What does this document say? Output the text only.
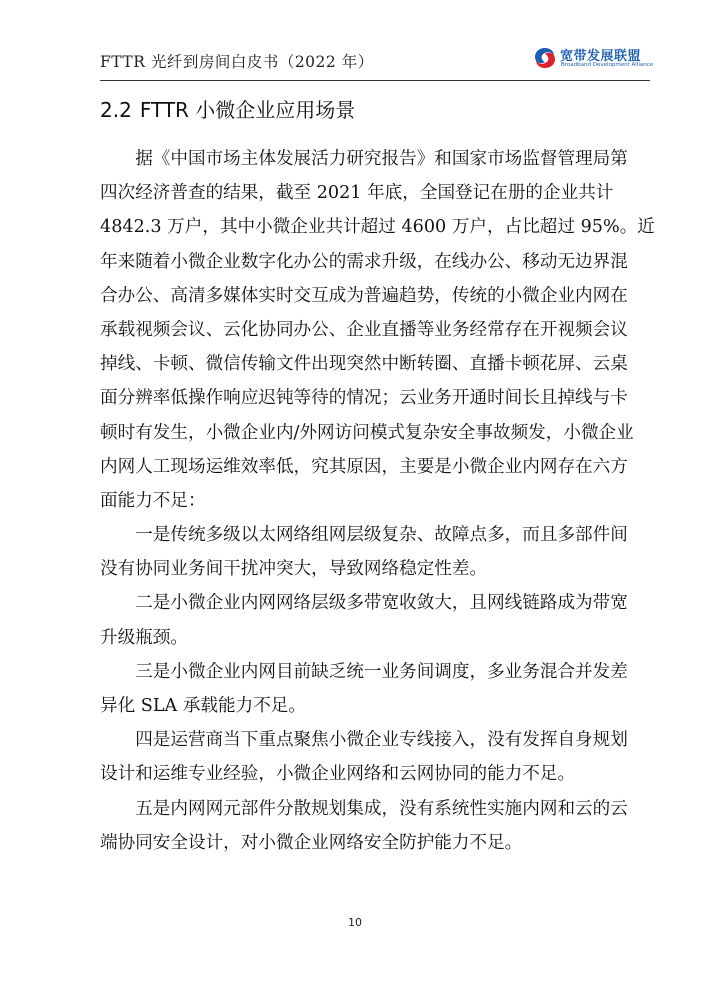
FTTR 光纤到房间白皮书（2022 年）	宽带发展联盟
Broadband Development Alliance
2.2 FTTR 小微企业应用场景
　　据《中国市场主体发展活力研究报告》和国家市场监督管理局第
四次经济普查的结果，截至 2021 年底，全国登记在册的企业共计
4842.3 万户，其中小微企业共计超过 4600 万户，占比超过 95%。近
年来随着小微企业数字化办公的需求升级，在线办公、移动无边界混
合办公、高清多媒体实时交互成为普遍趋势，传统的小微企业内网在
承载视频会议、云化协同办公、企业直播等业务经常存在开视频会议
掉线、卡顿、微信传输文件出现突然中断转圈、直播卡顿花屏、云桌
面分辨率低操作响应迟钝等待的情况；云业务开通时间长且掉线与卡
顿时有发生，小微企业内/外网访问模式复杂安全事故频发，小微企业
内网人工现场运维效率低，究其原因，主要是小微企业内网存在六方
面能力不足：
　　一是传统多级以太网络组网层级复杂、故障点多，而且多部件间
没有协同业务间干扰冲突大，导致网络稳定性差。
　　二是小微企业内网网络层级多带宽收敛大，且网线链路成为带宽
升级瓶颈。
　　三是小微企业内网目前缺乏统一业务间调度，多业务混合并发差
异化 SLA 承载能力不足。
　　四是运营商当下重点聚焦小微企业专线接入，没有发挥自身规划
设计和运维专业经验，小微企业网络和云网协同的能力不足。
　　五是内网网元部件分散规划集成，没有系统性实施内网和云的云
端协同安全设计，对小微企业网络安全防护能力不足。
10
